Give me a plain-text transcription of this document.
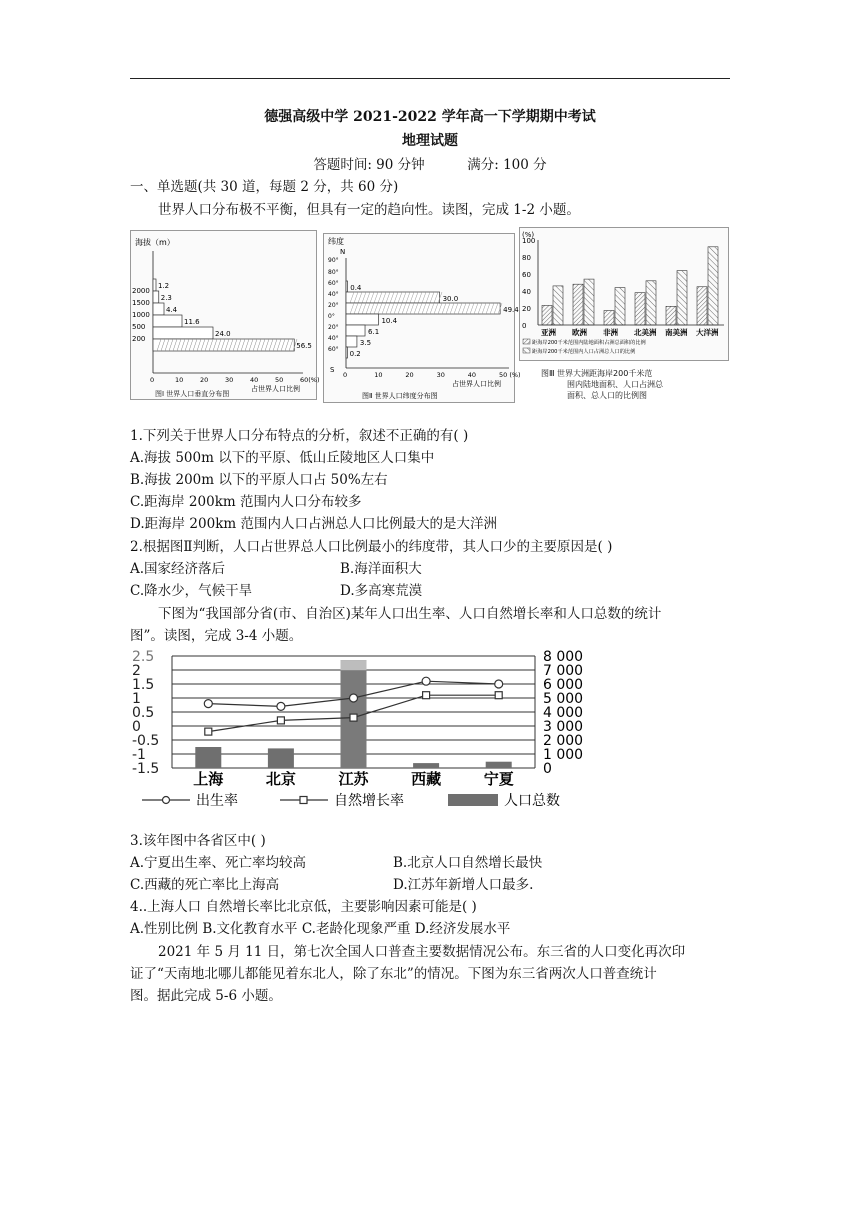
德强高级中学 2021-2022 学年高一下学期期中考试
地理试题
答题时间: 90 分钟	满分: 100 分
一、单选题(共 30 道，每题 2 分，共 60 分)
世界人口分布极不平衡，但具有一定的趋向性。读图，完成 1-2 小题。
海拔（m）
1.2
2.3
4.4
11.6
24.0
56.5
2000
1500
1000
500
200
0	10	20	30	40	50	60(%)
占世界人口比例
图Ⅰ 世界人口垂直分布图
纬度
N
S
0.4
30.0
49.4
10.4
6.1
3.5
0.2
90°
80°
60°
40°
20°
0°
20°
40°
60°
0	10	20	30	40	50 (%)
占世界人口比例
图Ⅱ 世界人口纬度分布图
(%)
100
80
60
40
20
0
亚洲 欧洲 非洲 北美洲 南美洲 大洋洲
距海岸200千米范围内陆地面积占洲总面积的比例
距海岸200千米范围内人口占洲总人口的比例
图Ⅲ 世界大洲距海岸200千米范
围内陆地面积、人口占洲总
面积、总人口的比例图
1.下列关于世界人口分布特点的分析，叙述不正确的有( )
A.海拔 500m 以下的平原、低山丘陵地区人口集中
B.海拔 200m 以下的平原人口占 50%左右
C.距海岸 200km 范围内人口分布较多
D.距海岸 200km 范围内人口占洲总人口比例最大的是大洋洲
2.根据图Ⅱ判断，人口占世界总人口比例最小的纬度带，其人口少的主要原因是( )
A.国家经济落后	B.海洋面积大
C.降水少，气候干旱	D.多高寒荒漠
下图为“我国部分省(市、自治区)某年人口出生率、人口自然增长率和人口总数的统计
图”。读图，完成 3-4 小题。
2.5
2
1.5
1
0.5
0
-0.5
-1
-1.5
8 000
7 000
6 000
5 000
4 000
3 000
2 000
1 000
0
上海	北京	江苏	西藏	宁夏
出生率	自然增长率	人口总数
3.该年图中各省区中( )
A.宁夏出生率、死亡率均较高	B.北京人口自然增长最快
C.西藏的死亡率比上海高	D.江苏年新增人口最多.
4..上海人口 自然增长率比北京低，主要影响因素可能是( )
A.性别比例 B.文化教育水平 C.老龄化现象严重 D.经济发展水平
2021 年 5 月 11 日，第七次全国人口普查主要数据情况公布。东三省的人口变化再次印
证了“天南地北哪儿都能见着东北人，除了东北”的情况。下图为东三省两次人口普查统计
图。据此完成 5-6 小题。
